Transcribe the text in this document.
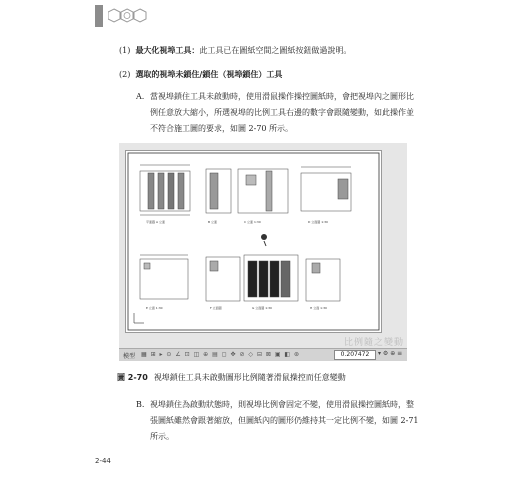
(1) 最大化視埠工具：此工具已在圖紙空間之圖紙按鈕做過說明。
(2) 選取的視埠未鎖住/鎖住（視埠鎖住）工具
A. 當視埠鎖住工具未啟動時，使用滑鼠操作操控圖紙時，會把視埠內之圖形比
例任意放大縮小，所選視埠的比例工具右邊的數字會跟隨變動，如此操作並
不符合施工圖的要求，如圖 2-70 所示。
平面圖 A 立面	B 立面	C 立面 1:30	D 立面圖 1:30
E 立面 1:30	F 立面圖	G 立面圖 1:30	H 立面 1:30
比例隨之變動
模型 ▦ ⊞ ▸ ⊙ ∠ ⊡ ◫ ⊕ ▤ ◻ ✥ ⊘ ◇ ⊟ ⊠ ▣ ◧ ⊛	0.207472	▾ ⚙ ⊕ ≡
圖 2-70 視埠鎖住工具未啟動圖形比例隨著滑鼠操控而任意變動
B. 視埠鎖住為啟動狀態時，則視埠比例會固定不變，使用滑鼠操控圖紙時，整
張圖紙雖然會跟著縮放，但圖紙內的圖形仍維持其一定比例不變，如圖 2-71
所示。
2-44
